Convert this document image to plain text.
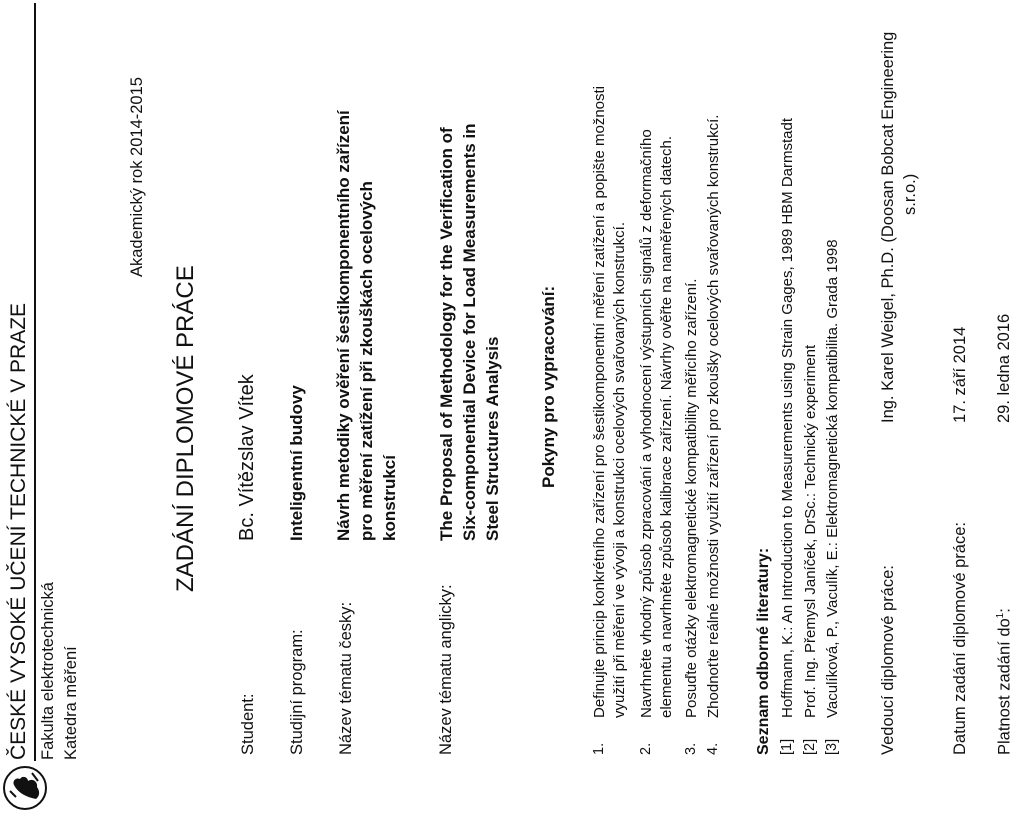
ČESKÉ VYSOKÉ UČENÍ TECHNICKÉ V PRAZE Fakulta elektrotechnická Katedra měření
Akademický rok 2014-2015
ZADÁNÍ DIPLOMOVÉ PRÁCE
Student:
Bc. Vítězslav Vítek
Studijní program:
Inteligentní budovy
Název tématu česky:
Návrh metodiky ověření šestikomponentního zařízení pro měření zatížení při zkouškách ocelových konstrukcí
Název tématu anglicky:
The Proposal of Methodology for the Verification of Six-componential Device for Load Measurements in Steel Structures Analysis Pokyny pro vypracování:
1.
Definujte princip konkrétního zařízení pro šestikomponentní měření zatížení a popište možnosti využití při měření ve vývoji a konstrukci ocelových svařovaných konstrukcí.
2.
Navrhněte vhodný způsob zpracování a vyhodnocení výstupních signálů z deformačního elementu a navrhněte způsob kalibrace zařízení. Návrhy ověřte na naměřených datech.
3.
Posuďte otázky elektromagnetické kompatibility měřicího zařízení.
4.
Zhodnoťte reálné možnosti využití zařízení pro zkoušky ocelových svařovaných konstrukcí. Seznam odborné literatury: [1]
Hoffmann, K.: An Introduction to Measurements using Strain Gages, 1989 HBM Darmstadt
[2]
Prof. Ing. Přemysl Janíček, DrSc.: Technický experiment
[3]
Vaculíková, P., Vaculík, E.: Elektromagnetická kompatibilita. Grada 1998 Vedoucí diplomové práce:
Ing. Karel Weigel, Ph.D. (Doosan Bobcat Engineering s.r.o.)
Datum zadání diplomové práce:
17. září 2014
Platnost zadání $do^1$:
29. ledna 2016
